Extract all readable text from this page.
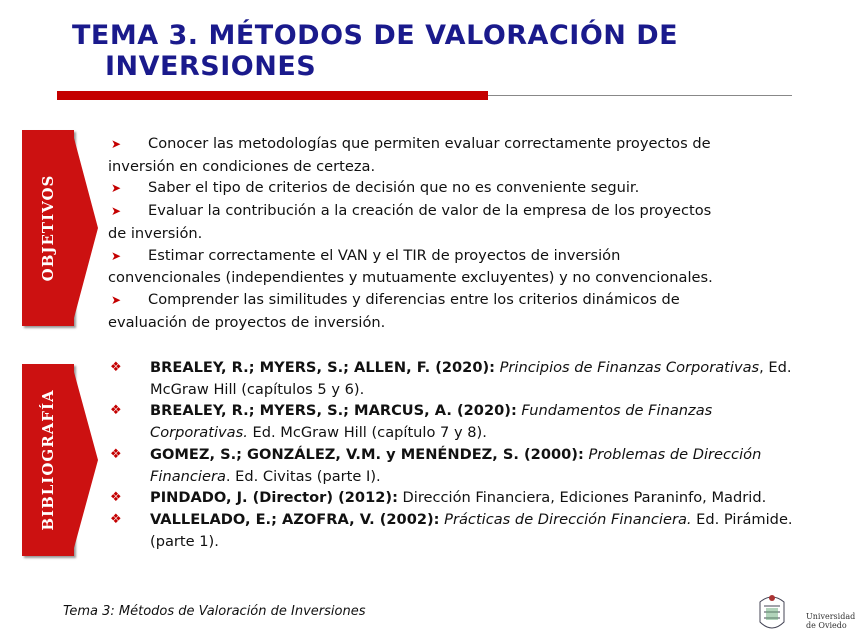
TEMA 3. MÉTODOS DE VALORACIÓN DE
INVERSIONES
OBJETIVOS
➤ Conocer las metodologías que permiten evaluar correctamente proyectos de
inversión en condiciones de certeza.
➤ Saber el tipo de criterios de decisión que no es conveniente seguir.
➤ Evaluar la contribución a la creación de valor de la empresa de los proyectos
de inversión.
➤ Estimar correctamente el VAN y el TIR de proyectos de inversión
convencionales (independientes y mutuamente excluyentes) y no convencionales.
➤ Comprender las similitudes y diferencias entre los criterios dinámicos de
evaluación de proyectos de inversión.
BIBLIOGRAFÍA
❖ BREALEY, R.; MYERS, S.; ALLEN, F. (2020): Principios de Finanzas Corporativas, Ed. McGraw Hill (capítulos 5 y 6).
❖ BREALEY, R.; MYERS, S.; MARCUS, A. (2020): Fundamentos de Finanzas Corporativas. Ed. McGraw Hill (capítulo 7 y 8).
❖ GOMEZ, S.; GONZÁLEZ, V.M. y MENÉNDEZ, S. (2000): Problemas de Dirección Financiera. Ed. Civitas (parte I).
❖ PINDADO, J. (Director) (2012): Dirección Financiera, Ediciones Paraninfo, Madrid.
❖ VALLELADO, E.; AZOFRA, V. (2002): Prácticas de Dirección Financiera. Ed. Pirámide. (parte 1).
Tema 3: Métodos de Valoración de Inversiones	Universidad
de Oviedo
